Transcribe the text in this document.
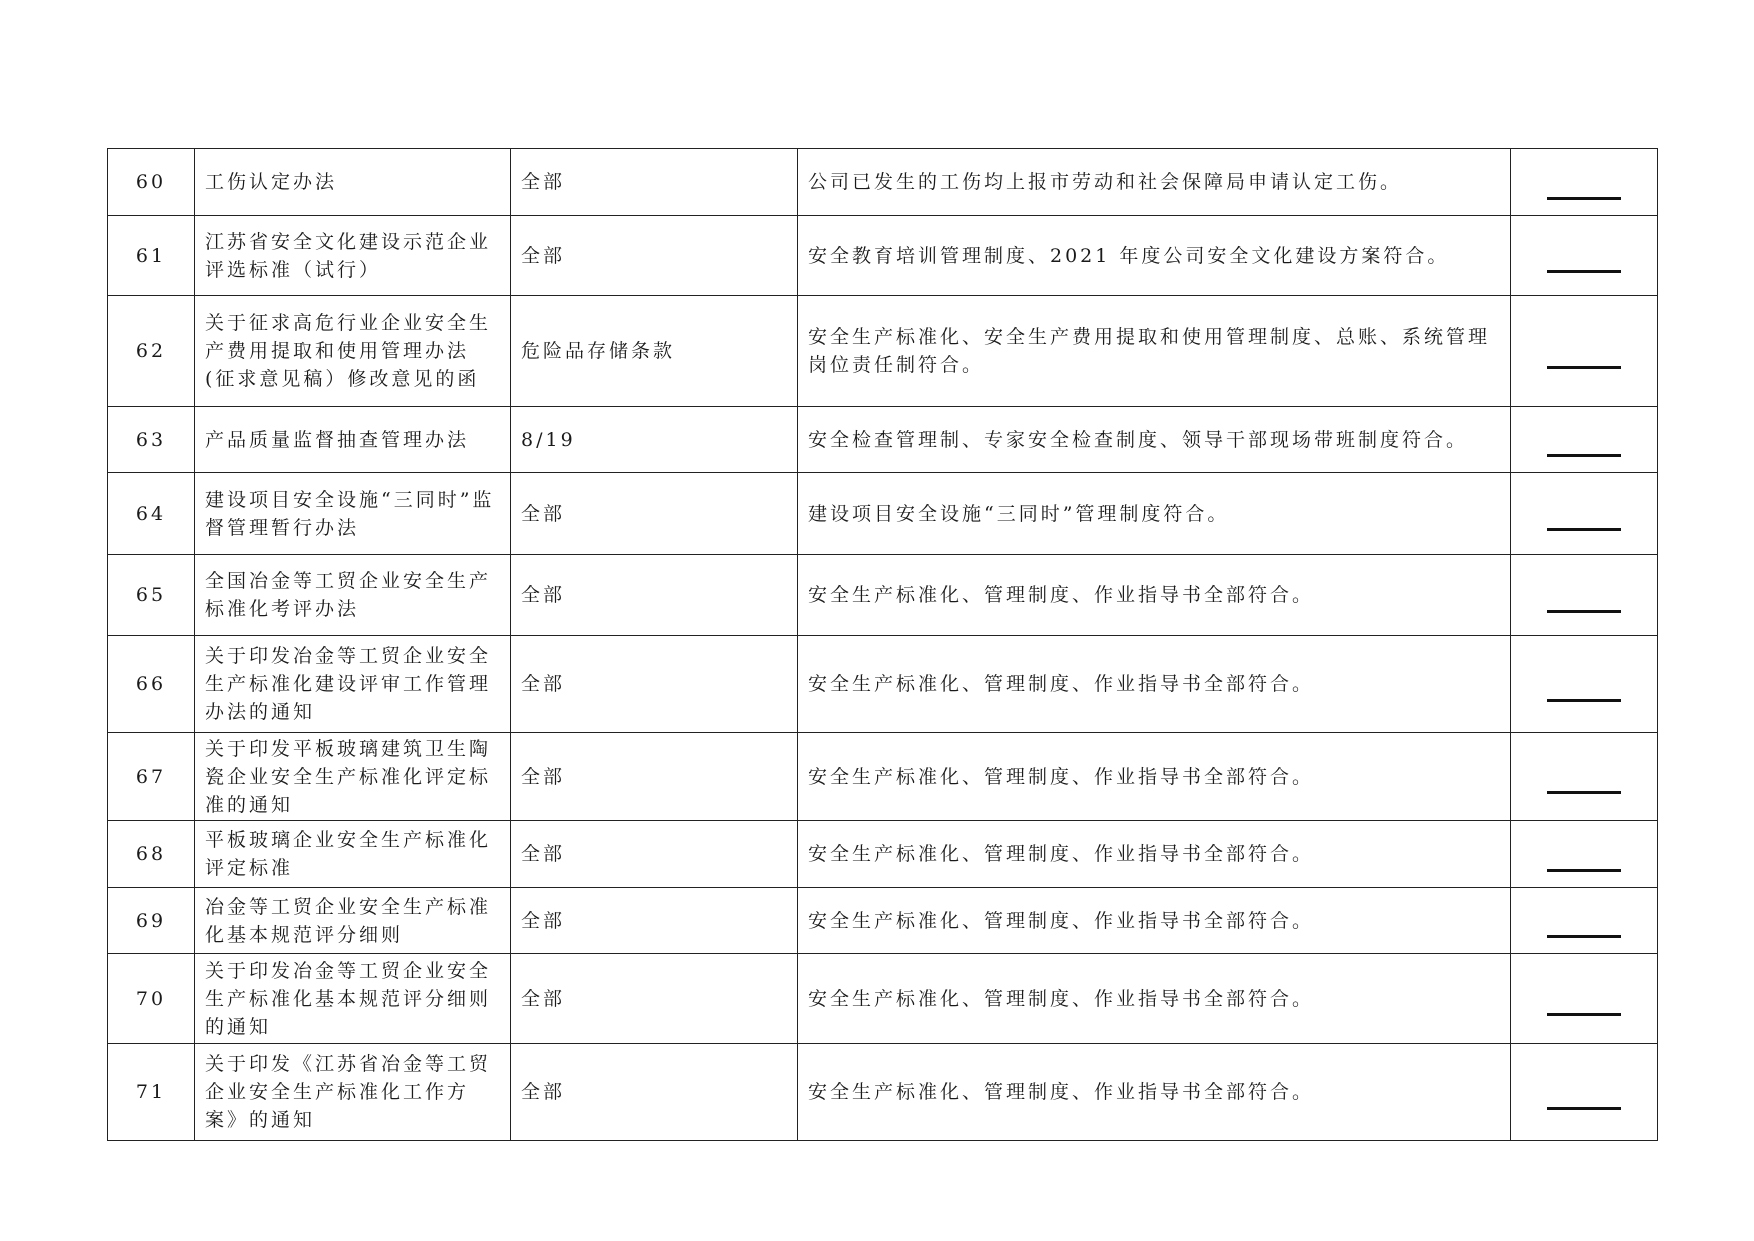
60	工伤认定办法	全部	公司已发生的工伤均上报市劳动和社会保障局申请认定工伤。	

61	江苏省安全文化建设示范企业评选标准（试行）	全部	安全教育培训管理制度、2021 年度公司安全文化建设方案符合。	

62	关于征求高危行业企业安全生产费用提取和使用管理办法(征求意见稿）修改意见的函	危险品存储条款	安全生产标准化、安全生产费用提取和使用管理制度、总账、系统管理岗位责任制符合。	

63	产品质量监督抽查管理办法	8/19	安全检查管理制、专家安全检查制度、领导干部现场带班制度符合。	

64	建设项目安全设施“三同时”监督管理暂行办法	全部	建设项目安全设施“三同时”管理制度符合。	

65	全国冶金等工贸企业安全生产标准化考评办法	全部	安全生产标准化、管理制度、作业指导书全部符合。	

66	关于印发冶金等工贸企业安全生产标准化建设评审工作管理办法的通知	全部	安全生产标准化、管理制度、作业指导书全部符合。	

67	关于印发平板玻璃建筑卫生陶瓷企业安全生产标准化评定标准的通知	全部	安全生产标准化、管理制度、作业指导书全部符合。	

68	平板玻璃企业安全生产标准化评定标准	全部	安全生产标准化、管理制度、作业指导书全部符合。	

69	冶金等工贸企业安全生产标准化基本规范评分细则	全部	安全生产标准化、管理制度、作业指导书全部符合。	

70	关于印发冶金等工贸企业安全生产标准化基本规范评分细则的通知	全部	安全生产标准化、管理制度、作业指导书全部符合。	

71	关于印发《江苏省冶金等工贸企业安全生产标准化工作方案》的通知	全部	安全生产标准化、管理制度、作业指导书全部符合。	
